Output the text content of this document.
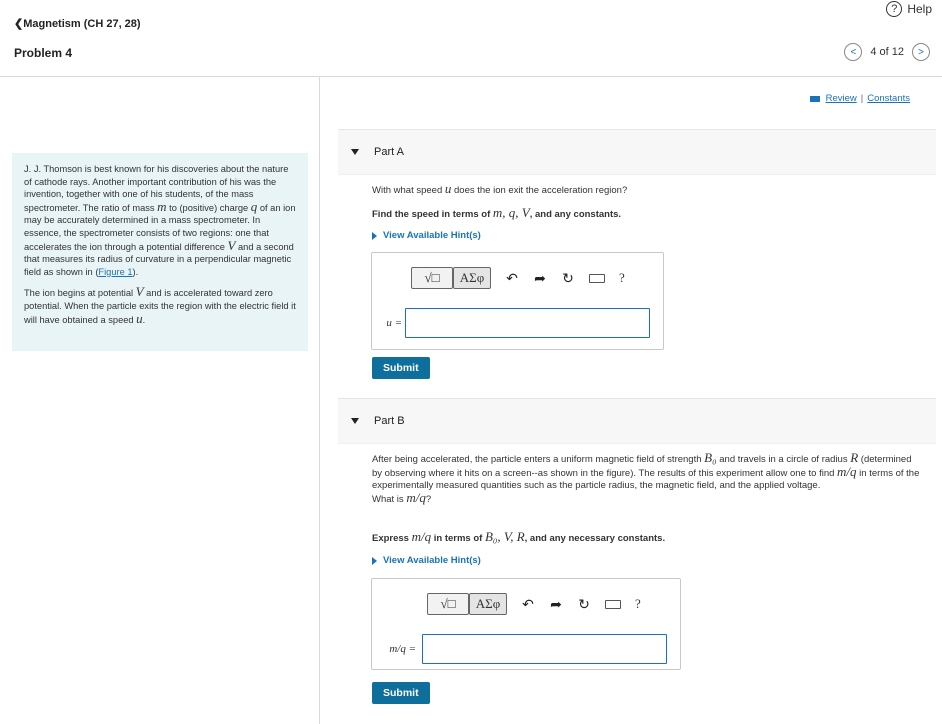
? Help
❮Magnetism (CH 27, 28)
Problem 4	< 4 of 12 >

J. J. Thomson is best known for his discoveries about the nature of cathode rays. Another important contribution of his was the invention, together with one of his students, of the mass spectrometer. The ratio of mass m to (positive) charge q of an ion may be accurately determined in a mass spectrometer. In essence, the spectrometer consists of two regions: one that accelerates the ion through a potential difference V and a second that measures its radius of curvature in a perpendicular magnetic field as shown in (Figure 1).

The ion begins at potential V and is accelerated toward zero potential. When the particle exits the region with the electric field it will have obtained a speed u.

Review | Constants
Part A
With what speed u does the ion exit the acceleration region?
Find the speed in terms of m, q, V, and any constants.
View Available Hint(s)
√□	ΑΣφ	↶ ➦ ↻	?
u =
Submit
Part B
After being accelerated, the particle enters a uniform magnetic field of strength B₀ and travels in a circle of radius R (determined by observing where it hits on a screen--as shown in the figure). The results of this experiment allow one to find m/q in terms of the experimentally measured quantities such as the particle radius, the magnetic field, and the applied voltage.
What is m/q?
Express m/q in terms of B₀, V, R, and any necessary constants.
View Available Hint(s)
√□	ΑΣφ	↶ ➦ ↻	?
m/q =
Submit
